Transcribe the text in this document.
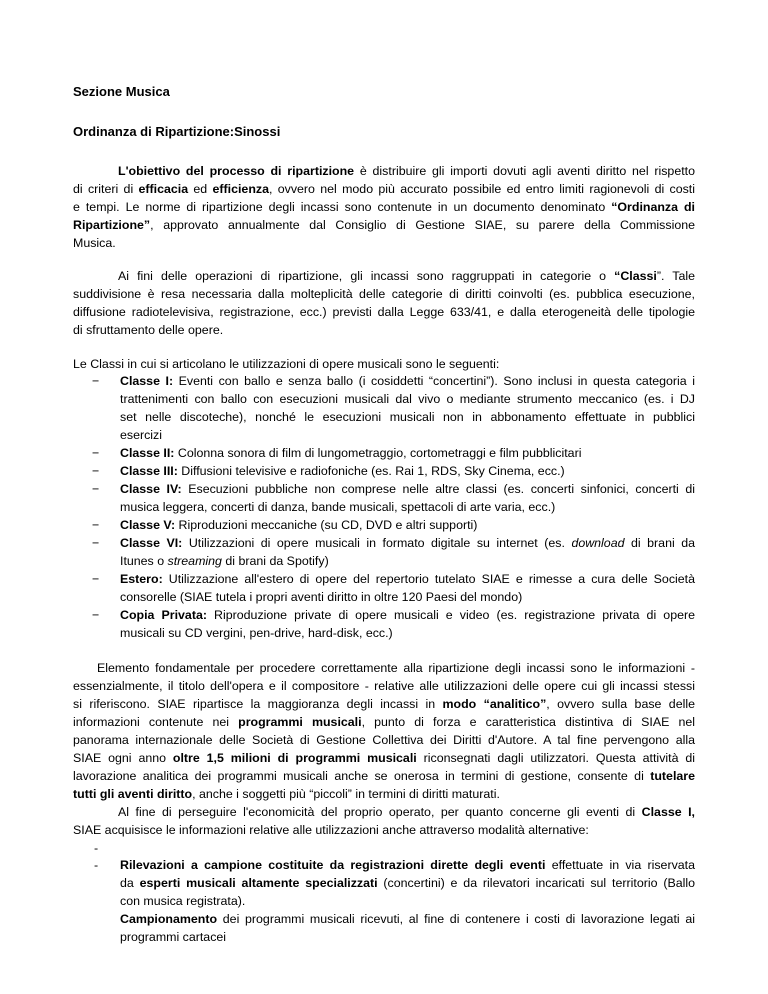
Sezione Musica
Ordinanza di Ripartizione:Sinossi
L'obiettivo del processo di ripartizione è distribuire gli importi dovuti agli aventi diritto nel rispetto
di criteri di efficacia ed efficienza, ovvero nel modo più accurato possibile ed entro limiti ragionevoli di costi
e tempi. Le norme di ripartizione degli incassi sono contenute in un documento denominato “Ordinanza di
Ripartizione”, approvato annualmente dal Consiglio di Gestione SIAE, su parere della Commissione
Musica.
Ai fini delle operazioni di ripartizione, gli incassi sono raggruppati in categorie o “Classi”. Tale
suddivisione è resa necessaria dalla molteplicità delle categorie di diritti coinvolti (es. pubblica esecuzione,
diffusione radiotelevisiva, registrazione, ecc.) previsti dalla Legge 633/41, e dalla eterogeneità delle tipologie
di sfruttamento delle opere.
Le Classi in cui si articolano le utilizzazioni di opere musicali sono le seguenti:
− Classe I: Eventi con ballo e senza ballo (i cosiddetti “concertini”). Sono inclusi in questa categoria i
trattenimenti con ballo con esecuzioni musicali dal vivo o mediante strumento meccanico (es. i DJ
set nelle discoteche), nonché le esecuzioni musicali non in abbonamento effettuate in pubblici
esercizi
− Classe II: Colonna sonora di film di lungometraggio, cortometraggi e film pubblicitari
− Classe III: Diffusioni televisive e radiofoniche (es. Rai 1, RDS, Sky Cinema, ecc.)
− Classe IV: Esecuzioni pubbliche non comprese nelle altre classi (es. concerti sinfonici, concerti di
musica leggera, concerti di danza, bande musicali, spettacoli di arte varia, ecc.)
− Classe V: Riproduzioni meccaniche (su CD, DVD e altri supporti)
− Classe VI: Utilizzazioni di opere musicali in formato digitale su internet (es. download di brani da
Itunes o streaming di brani da Spotify)
− Estero: Utilizzazione all'estero di opere del repertorio tutelato SIAE e rimesse a cura delle Società
consorelle (SIAE tutela i propri aventi diritto in oltre 120 Paesi del mondo)
− Copia Privata: Riproduzione private di opere musicali e video (es. registrazione privata di opere
musicali su CD vergini, pen-drive, hard-disk, ecc.)
Elemento fondamentale per procedere correttamente alla ripartizione degli incassi sono le informazioni -
essenzialmente, il titolo dell'opera e il compositore - relative alle utilizzazioni delle opere cui gli incassi stessi
si riferiscono. SIAE ripartisce la maggioranza degli incassi in modo “analitico”, ovvero sulla base delle
informazioni contenute nei programmi musicali, punto di forza e caratteristica distintiva di SIAE nel
panorama internazionale delle Società di Gestione Collettiva dei Diritti d'Autore. A tal fine pervengono alla
SIAE ogni anno oltre 1,5 milioni di programmi musicali riconsegnati dagli utilizzatori. Questa attività di
lavorazione analitica dei programmi musicali anche se onerosa in termini di gestione, consente di tutelare
tutti gli aventi diritto, anche i soggetti più “piccoli” in termini di diritti maturati.
Al fine di perseguire l'economicità del proprio operato, per quanto concerne gli eventi di Classe I,
SIAE acquisisce le informazioni relative alle utilizzazioni anche attraverso modalità alternative:
-
- Rilevazioni a campione costituite da registrazioni dirette degli eventi effettuate in via riservata
da esperti musicali altamente specializzati (concertini) e da rilevatori incaricati sul territorio (Ballo
con musica registrata).
Campionamento dei programmi musicali ricevuti, al fine di contenere i costi di lavorazione legati ai
programmi cartacei
